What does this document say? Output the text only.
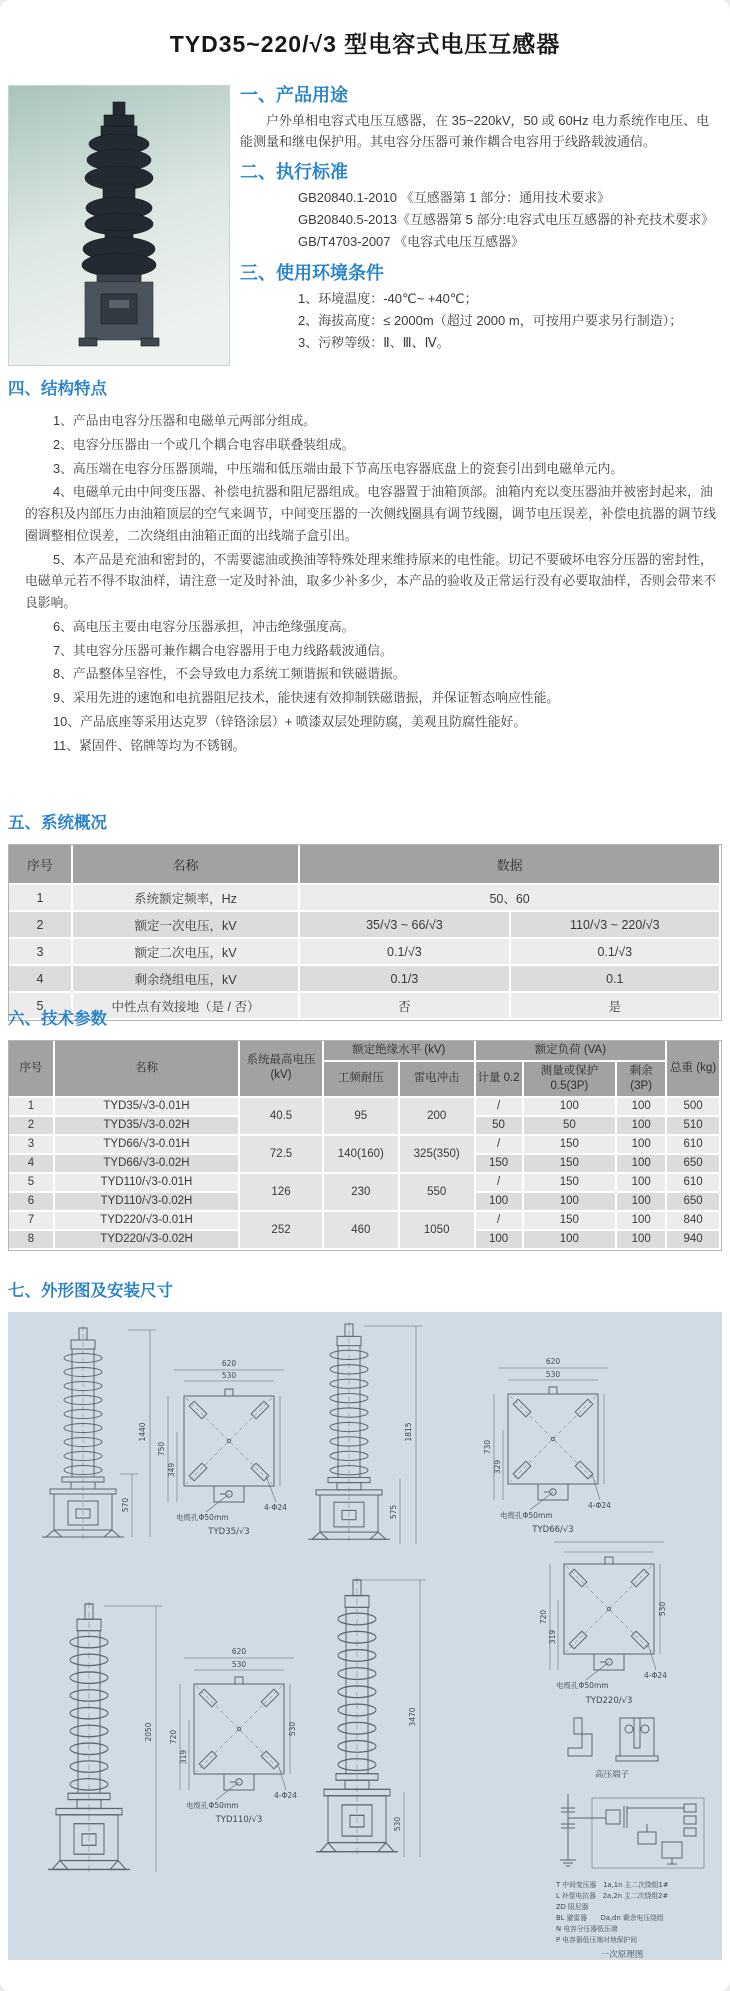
TYD35~220/√3 型电容式电压互感器
一、产品用途

户外单相电容式电压互感器，在 35~220kV，50 或 60Hz 电力系统作电压、电能测量和继电保护用。其电容分压器可兼作耦合电容用于线路载波通信。

二、执行标准
GB20840.1-2010 《互感器第 1 部分：通用技术要求》
GB20840.5-2013《互感器第 5 部分:电容式电压互感器的补充技术要求》
GB/T4703-2007 《电容式电压互感器》
三、使用环境条件
1、环境温度：-40℃~ +40℃；
2、海拔高度：≤ 2000m（超过 2000 m，可按用户要求另行制造）；
3、污秽等级：Ⅱ、Ⅲ、Ⅳ。
四、结构特点

1、产品由电容分压器和电磁单元两部分组成。

2、电容分压器由一个或几个耦合电容串联叠装组成。

3、高压端在电容分压器顶端，中压端和低压端由最下节高压电容器底盘上的瓷套引出到电磁单元内。

4、电磁单元由中间变压器、补偿电抗器和阻尼器组成。电容器置于油箱顶部。油箱内充以变压器油并被密封起来，油的容积及内部压力由油箱顶层的空气来调节，中间变压器的一次侧线圈具有调节线圈，调节电压误差，补偿电抗器的调节线圈调整相位误差，二次绕组由油箱正面的出线端子盒引出。

5、本产品是充油和密封的，不需要滤油或换油等特殊处理来维持原来的电性能。切记不要破坏电容分压器的密封性，电磁单元若不得不取油样，请注意一定及时补油，取多少补多少，本产品的验收及正常运行没有必要取油样，否则会带来不良影响。

6、高电压主要由电容分压器承担，冲击绝缘强度高。

7、其电容分压器可兼作耦合电容器用于电力线路载波通信。

8、产品整体呈容性，不会导致电力系统工频谐振和铁磁谐振。

9、采用先进的速饱和电抗器阻尼技术，能快速有效抑制铁磁谐振，并保证暂态响应性能。

10、产品底座等采用达克罗（锌铬涂层）+ 喷漆双层处理防腐，美观且防腐性能好。

11、紧固件、铭牌等均为不锈钢。

五、系统概况
序号	名称	数据	
1	系统额定频率，Hz	50、60	
2	额定一次电压，kV	35/√3 ~ 66/√3	110/√3 ~ 220/√3
3	额定二次电压，kV	0.1/√3	0.1/√3
4	剩余绕组电压，kV	0.1/3	0.1
5	中性点有效接地（是 / 否）	否	是
六、技术参数
序号	名称	系统最高电压 (kV)	额定绝缘水平 (kV)		额定负荷 (VA)			总重 (kg)
			工频耐压	雷电冲击	计量 0.2	测量或保护 0.5(3P)	剩余 (3P)	
1	TYD35/√3-0.01H	40.5	95	200	/	100	100	500
2	TYD35/√3-0.02H				50	50	100	510
3	TYD66/√3-0.01H	72.5	140(160)	325(350)	/	150	100	610
4	TYD66/√3-0.02H				150	150	100	650
5	TYD110/√3-0.01H	126	230	550	/	150	100	610
6	TYD110/√3-0.02H				100	100	100	650
7	TYD220/√3-0.01H	252	460	1050	/	150	100	840
8	TYD220/√3-0.02H				100	100	100	940
七、外形图及安装尺寸
1440
570
620
530
750
349
4-Φ24
电缆孔Φ50mm
TYD35/√3
1815
575
620
530
730
329
4-Φ24
电缆孔Φ50mm
TYD66/√3
2050
620
530
720
319
530
4-Φ24
电缆孔Φ50mm
TYD110/√3
3470
530
720
319
530
4-Φ24
电缆孔Φ50mm
TYD220/√3
高压端子
T 中间变压器　1a,1n 主二次绕组1#
L 补偿电抗器　2a,2n 主二次绕组2#
ZD 阻尼器
BL 避雷器　　Da,dn 剩余电压绕组
N 电容分压器低压端
P 电容器低压端对地保护间
一次原理图
